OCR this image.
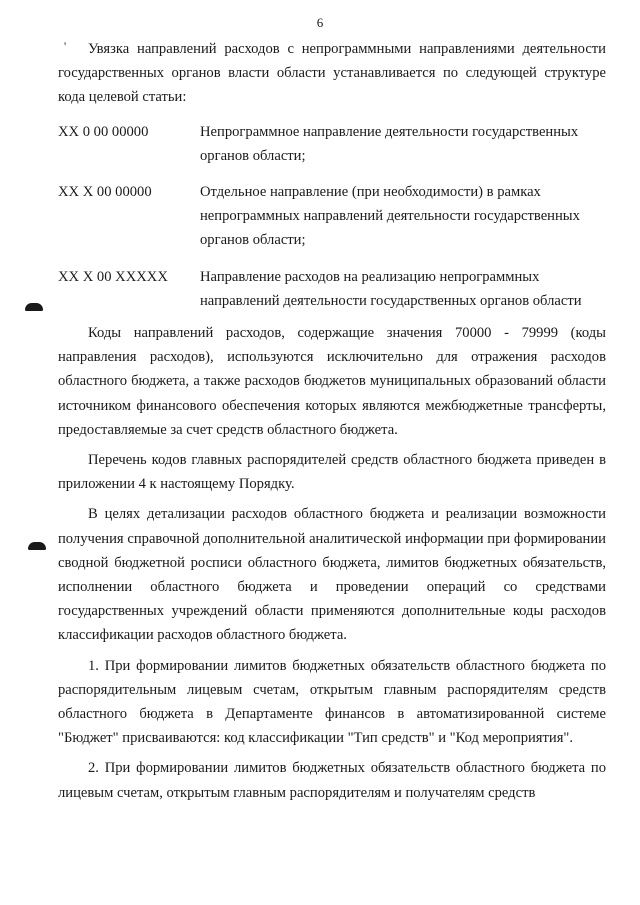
6
'	Увязка направлений расходов с непрограммными направлениями деятельности государственных органов власти области устанавливается по следующей структуре кода целевой статьи:

XX 0 00 00000	Непрограммное направление деятельности государственных органов области;
XX X 00 00000	Отдельное направление (при необходимости) в рамках непрограммных направлений деятельности государственных органов области;
XX X 00 XXXXX	Направление расходов на реализацию непрограммных направлений деятельности государственных органов области

Коды направлений расходов, содержащие значения 70000 - 79999 (коды направления расходов), используются исключительно для отражения расходов областного бюджета, а также расходов бюджетов муниципальных образований области источником финансового обеспечения которых являются межбюджетные трансферты, предоставляемые за счет средств областного бюджета.

Перечень кодов главных распорядителей средств областного бюджета приведен в приложении 4 к настоящему Порядку.

В целях детализации расходов областного бюджета и реализации возможности получения справочной дополнительной аналитической информации при формировании сводной бюджетной росписи областного бюджета, лимитов бюджетных обязательств, исполнении областного бюджета и проведении операций со средствами государственных учреждений области применяются дополнительные коды расходов классификации расходов областного бюджета.

1. При формировании лимитов бюджетных обязательств областного бюджета по распорядительным лицевым счетам, открытым главным распорядителям средств областного бюджета в Департаменте финансов в автоматизированной системе "Бюджет" присваиваются: код классификации "Тип средств" и "Код мероприятия".

2. При формировании лимитов бюджетных обязательств областного бюджета по лицевым счетам, открытым главным распорядителям и получателям средств
